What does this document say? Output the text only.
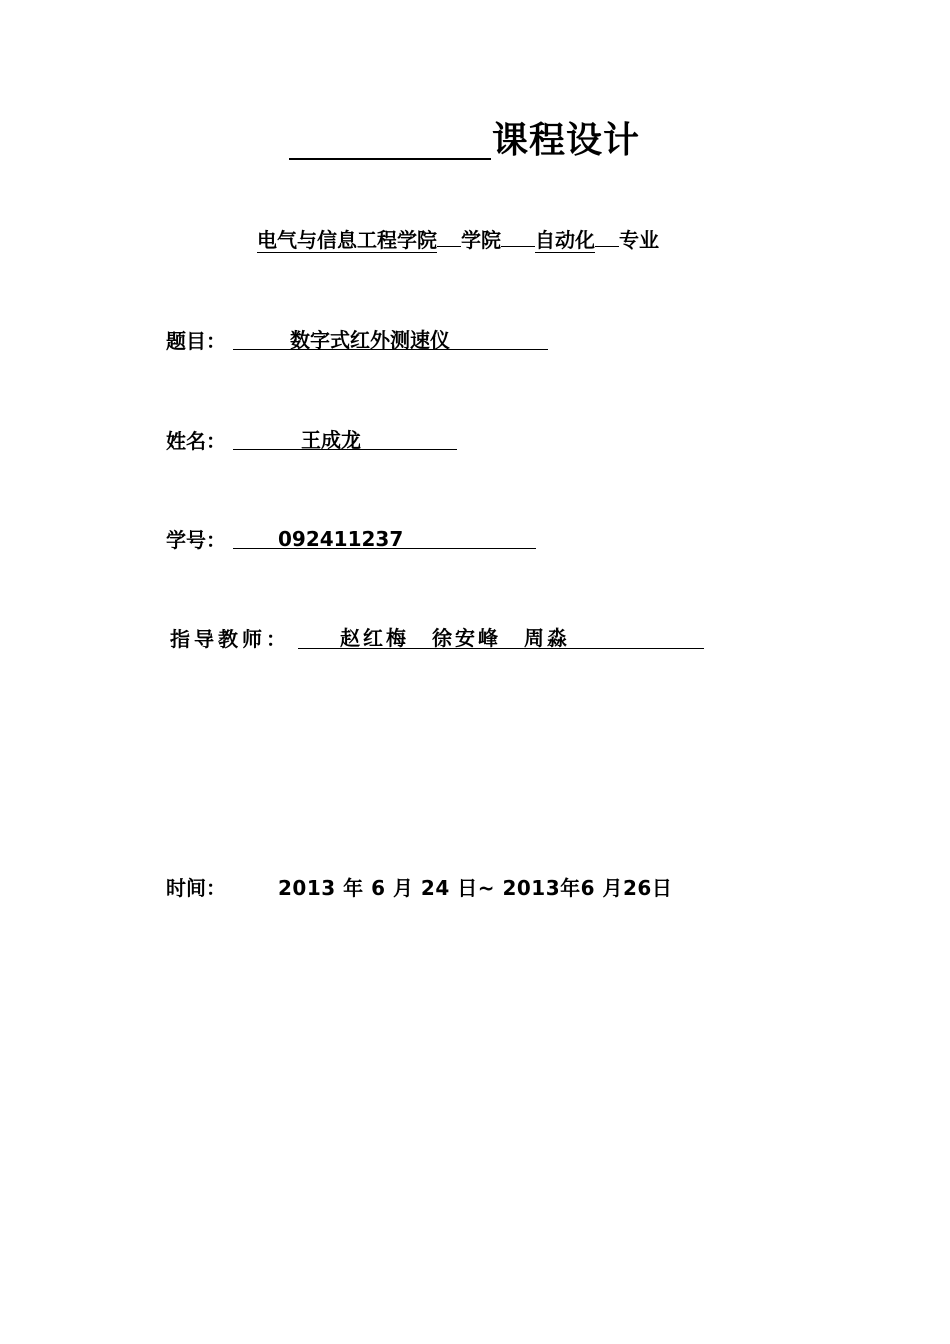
课程设计
电气与信息工程学院 学院 自动化 专业
题目：	数字式红外测速仪
姓名：	王成龙
学号：	092411237
指导教师：	赵红梅　徐安峰　周淼
时间：	2013 年 6 月 24 日~ 2013年6 月26日
